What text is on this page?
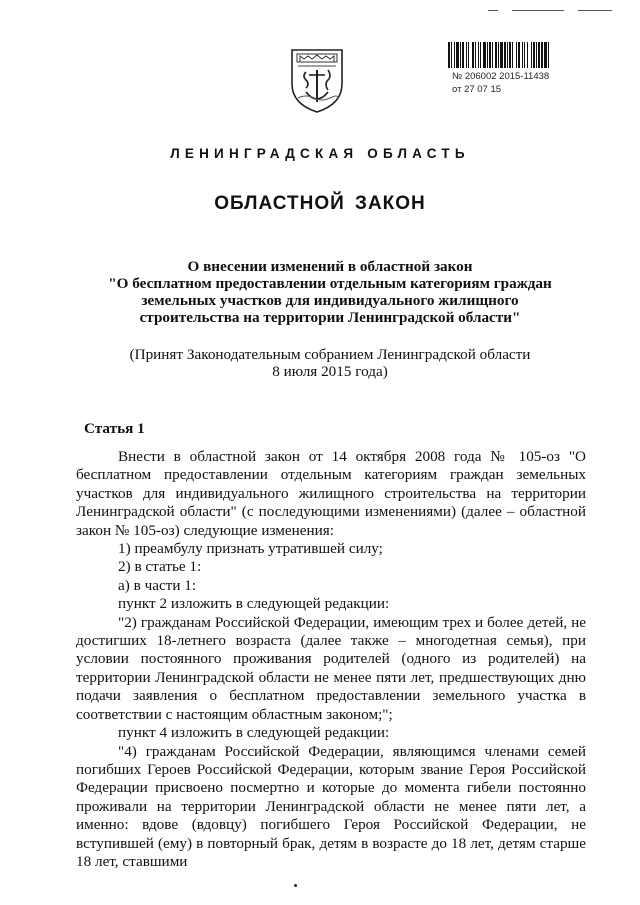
№ 206002 2015-11438
от 27 07 15
ЛЕНИНГРАДСКАЯ ОБЛАСТЬ
ОБЛАСТНОЙ ЗАКОН
О внесении изменений в областной закон
"О бесплатном предоставлении отдельным категориям граждан
земельных участков для индивидуального жилищного
строительства на территории Ленинградской области"
(Принят Законодательным собранием Ленинградской области
8 июля 2015 года)
Статья 1

Внести в областной закон от 14 октября 2008 года № 105-оз "О бесплатном предоставлении отдельным категориям граждан земельных участков для индивидуального жилищного строительства на территории Ленинградской области" (с последующими изменениями) (далее – областной закон № 105-оз) следующие изменения:

1) преамбулу признать утратившей силу;

2) в статье 1:

а) в части 1:

пункт 2 изложить в следующей редакции:

"2) гражданам Российской Федерации, имеющим трех и более детей, не достигших 18-летнего возраста (далее также – многодетная семья), при условии постоянного проживания родителей (одного из родителей) на территории Ленинградской области не менее пяти лет, предшествующих дню подачи заявления о бесплатном предоставлении земельного участка в соответствии с настоящим областным законом;";

пункт 4 изложить в следующей редакции:

"4) гражданам Российской Федерации, являющимся членами семей погибших Героев Российской Федерации, которым звание Героя Российской Федерации присвоено посмертно и которые до момента гибели постоянно проживали на территории Ленинградской области не менее пяти лет, а именно: вдове (вдовцу) погибшего Героя Российской Федерации, не вступившей (ему) в повторный брак, детям в возрасте до 18 лет, детям старше 18 лет, ставшими
